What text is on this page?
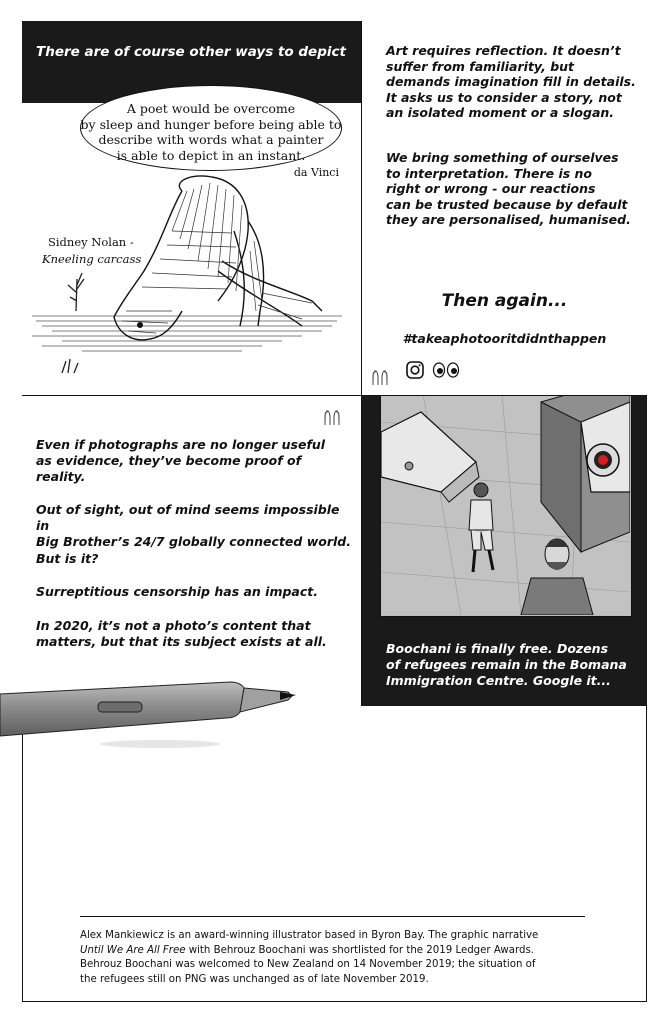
There are of course other ways to depict
A poet would be overcome
by sleep and hunger before being able to
describe with words what a painter
is able to depict in an instant.
da Vinci
Sidney Nolan -
Kneeling carcass
Art requires reflection. It doesn’t
suffer from familiarity, but
demands imagination fill in details.
It asks us to consider a story, not
an isolated moment or a slogan.
We bring something of ourselves
to interpretation. There is no
right or wrong - our reactions
can be trusted because by default
they are personalised, humanised.
Then again...
#takeaphotooritdidnthappen
Even if photographs are no longer useful
as evidence, they’ve become proof of reality.
Out of sight, out of mind seems impossible in
Big Brother’s 24/7 globally connected world.
But is it?
Surreptitious censorship has an impact.
In 2020, it’s not a photo’s content that
matters, but that its subject exists at all.	Boochani is finally free. Dozens
of refugees remain in the Bomana
Immigration Centre. Google it...
Alex Mankiewicz is an award-winning illustrator based in Byron Bay. The graphic narrative
Until We Are All Free with Behrouz Boochani was shortlisted for the 2019 Ledger Awards.
Behrouz Boochani was welcomed to New Zealand on 14 November 2019; the situation of
the refugees still on PNG was unchanged as of late November 2019.
